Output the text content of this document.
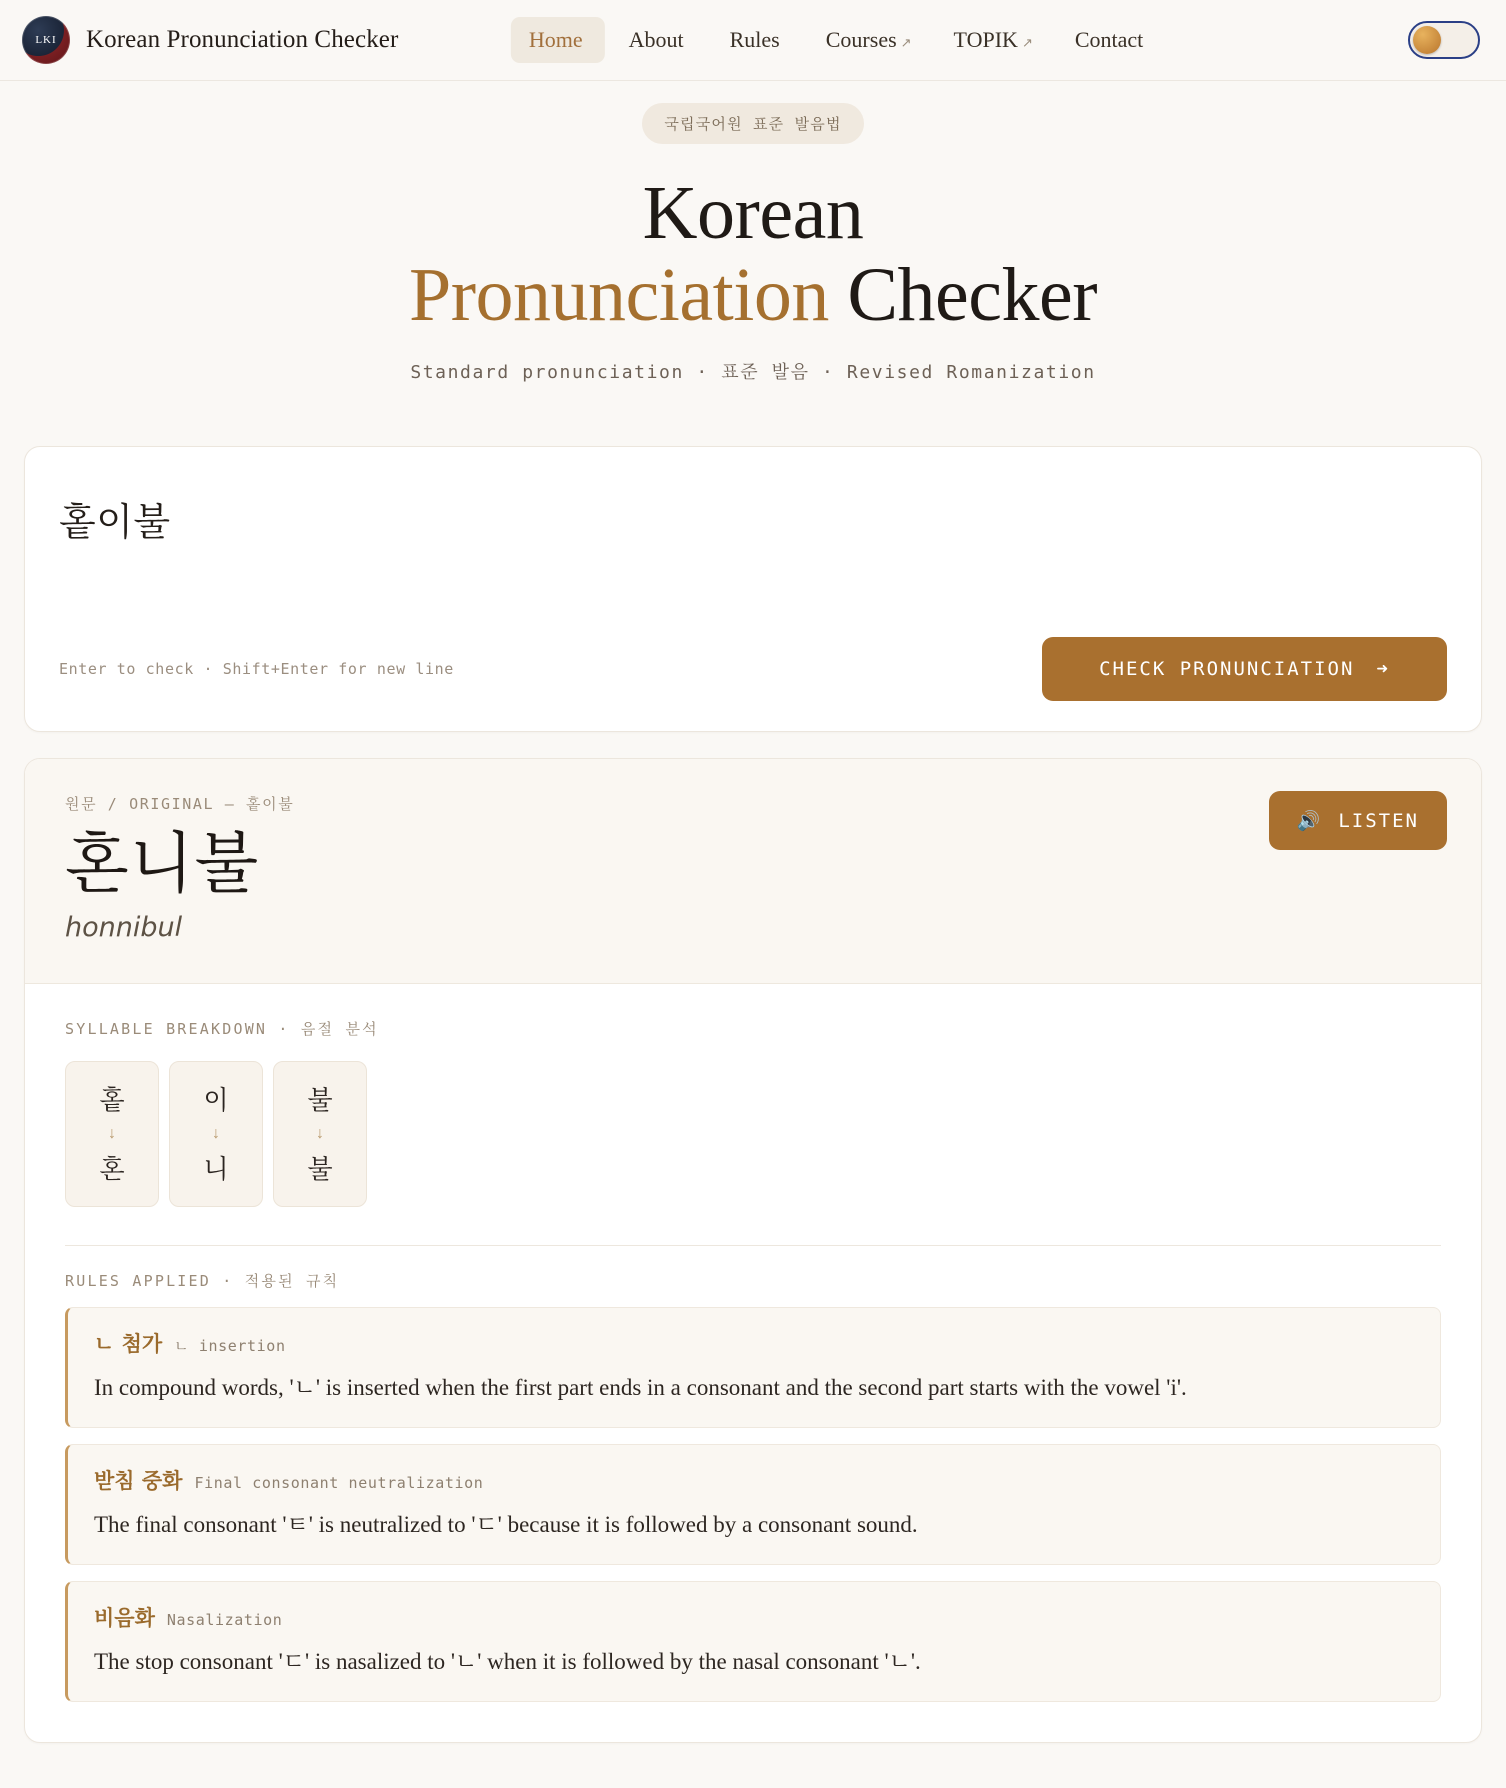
LKI	Korean Pronunciation Checker	Home About Rules Courses ↗ TOPIK ↗ Contact
국립국어원 표준 발음법
Korean
Pronunciation Checker
Standard pronunciation · 표준 발음 · Revised Romanization
홑이불
Enter to check · Shift+Enter for new line	CHECK PRONUNCIATION ➜
원문 / ORIGINAL — 홑이불
혼니불
honnibul
🔊 LISTEN
SYLLABLE BREAKDOWN · 음절 분석
홑
↓
혼
이
↓
니
불
↓
불
RULES APPLIED · 적용된 규칙
ㄴ 첨가 ㄴ insertion
In compound words, 'ㄴ' is inserted when the first part ends in a consonant and the second part starts with the vowel 'i'.
받침 중화 Final consonant neutralization
The final consonant 'ㅌ' is neutralized to 'ㄷ' because it is followed by a consonant sound.
비음화 Nasalization
The stop consonant 'ㄷ' is nasalized to 'ㄴ' when it is followed by the nasal consonant 'ㄴ'.
